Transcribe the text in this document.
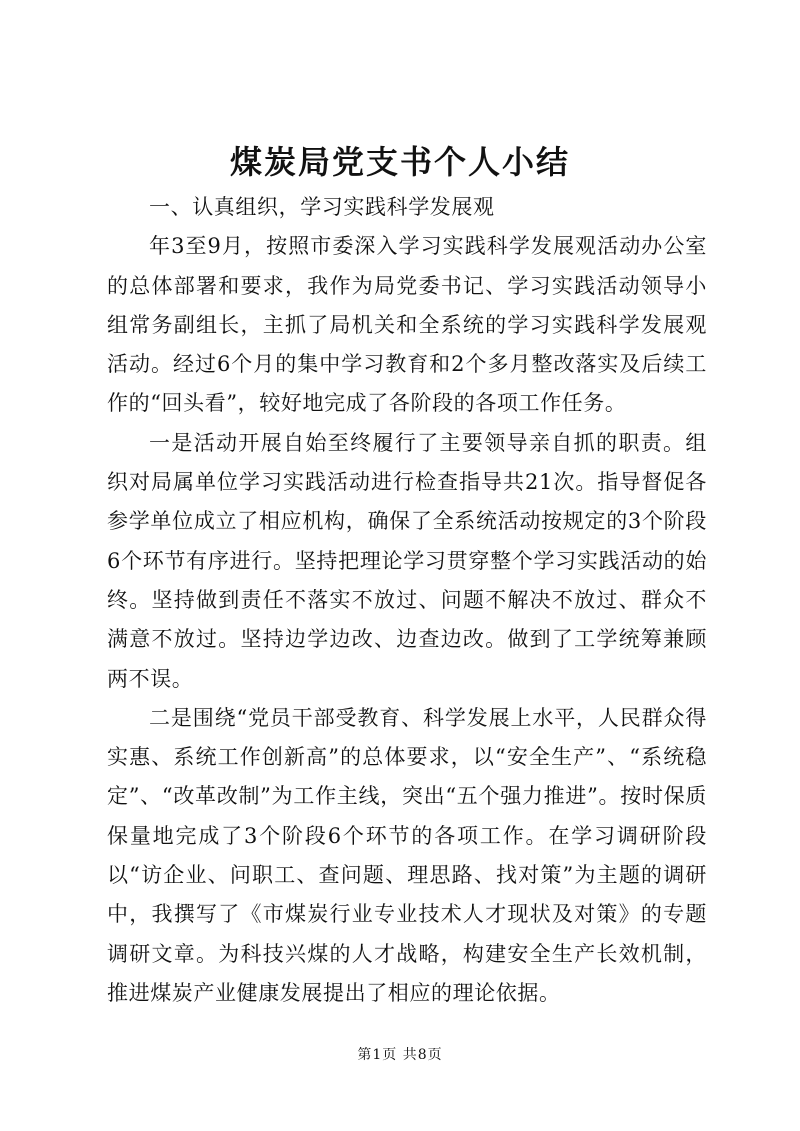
煤炭局党支书个人小结

一、认真组织，学习实践科学发展观

年3至9月，按照市委深入学习实践科学发展观活动办公室的总体部署和要求，我作为局党委书记、学习实践活动领导小组常务副组长，主抓了局机关和全系统的学习实践科学发展观活动。经过6个月的集中学习教育和2个多月整改落实及后续工作的“回头看”，较好地完成了各阶段的各项工作任务。

一是活动开展自始至终履行了主要领导亲自抓的职责。组织对局属单位学习实践活动进行检查指导共21次。指导督促各参学单位成立了相应机构，确保了全系统活动按规定的3个阶段6个环节有序进行。坚持把理论学习贯穿整个学习实践活动的始终。坚持做到责任不落实不放过、问题不解决不放过、群众不满意不放过。坚持边学边改、边查边改。做到了工学统筹兼顾两不误。

二是围绕“党员干部受教育、科学发展上水平，人民群众得实惠、系统工作创新高”的总体要求，以“安全生产”、“系统稳定”、“改革改制”为工作主线，突出“五个强力推进”。按时保质保量地完成了3个阶段6个环节的各项工作。在学习调研阶段以“访企业、问职工、查问题、理思路、找对策”为主题的调研中，我撰写了《市煤炭行业专业技术人才现状及对策》的专题调研文章。为科技兴煤的人才战略，构建安全生产长效机制，推进煤炭产业健康发展提出了相应的理论依据。

第1页 共8页
